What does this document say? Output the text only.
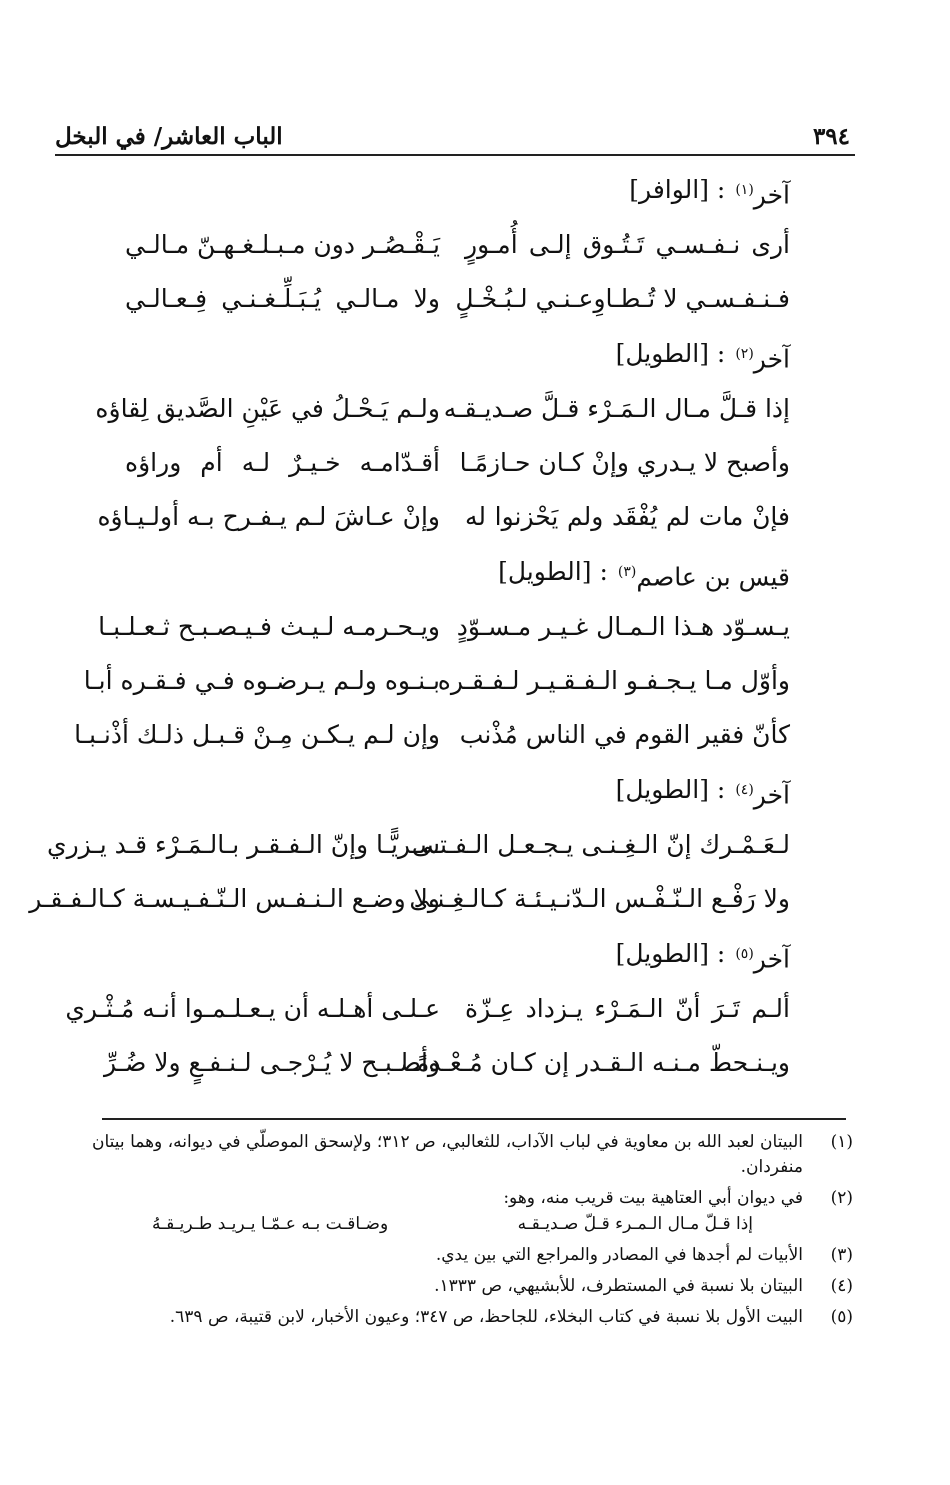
٣٩٤
الباب العاشر/ في البخل
آخر$^{(١)}$
: [الوافر]
أرى نـفـسـي تَـتُـوق إلـى أُمـورٍ
يَـقْـصُـر دون مـبـلـغـهـنّ مـالـي
فـنـفـسـي لا تُـطـاوِعـنـي لـبُـخْـلٍ
ولا مـالـي يُـبَـلِّـغـنـي فِـعـالـي
آخر$^{(٢)}$
: [الطويل]
إذا قـلَّ مـال الـمَـرْء قـلَّ صـديـقـه
ولـم يَـحْـلُ في عَيْنِ الصَّديق لِقاؤه
وأصبح لا يـدري وإنْ كـان حـازمًـا
أقـدّامـه خـيـرٌ لـه أم وراؤه
فإنْ مات لم يُفْقَد ولم يَحْزنوا له
وإنْ عـاشَ لـم يـفـرح بـه أولـيـاؤه
قيس بن عاصم$^{(٣)}$
: [الطويل]
يـسـوّد هـذا الـمـال غـيـر مـسـوّدٍ
ويـحـرمـه لـيـث فـيـصـبـح ثـعـلـبـا
وأوّل مـا يـجـفـو الـفـقـيـر لـفـقـره
بـنـوه ولـم يـرضـوه فـي فـقـره أبـا
كأنّ فقير القوم في الناس مُذْنب
وإن لـم يـكـن مِـنْ قـبـل ذلـك أذْنـبـا
آخر$^{(٤)}$
: [الطويل]
لـعَـمْـرك إنّ الـغِـنـى يـجـعـل الـفـتـى
سـريًّـا وإنّ الـفـقـر بـالـمَـرْء قـد يـزري
ولا رَفْـع الـنّـفْـس الـدّنـيـئـة كـالـغِـنـى
ولا وضـع الـنـفـس الـنّـفـيـسـة كـالـفـقـر
آخر$^{(٥)}$
: [الطويل]
ألـم تَـرَ أنّ الـمَـرْء يـزداد عِـزّة
عـلـى أهـلـه أن يـعـلـمـوا أنـه مُـثْـري
ويـنـحطّ مـنـه الـقـدر إن كـان مُـعْـدمًـا
وأصـبـح لا يُـرْجـى لـنـفـعٍ ولا ضُـرِّ
(١)
البيتان لعبد الله بن معاوية في لباب الآداب، للثعالبي، ص ٣١٢؛ ولإسحق الموصلّي في ديوانه، وهما بيتان منفردان.
(٢)
في ديوان أبي العتاهية بيت قريب منه، وهو:
إذا قـلّ مـال الـمـرء قـلّ صـديـقـه
وضـاقـت بـه عـمّـا يـريـد طـريـقـهُ
(٣)
الأبيات لم أجدها في المصادر والمراجع التي بين يدي.
(٤)
البيتان بلا نسبة في المستطرف، للأبشيهي، ص ١٣٣٣.
(٥)
البيت الأول بلا نسبة في كتاب البخلاء، للجاحظ، ص ٣٤٧؛ وعيون الأخبار، لابن قتيبة، ص ٦٣٩.
